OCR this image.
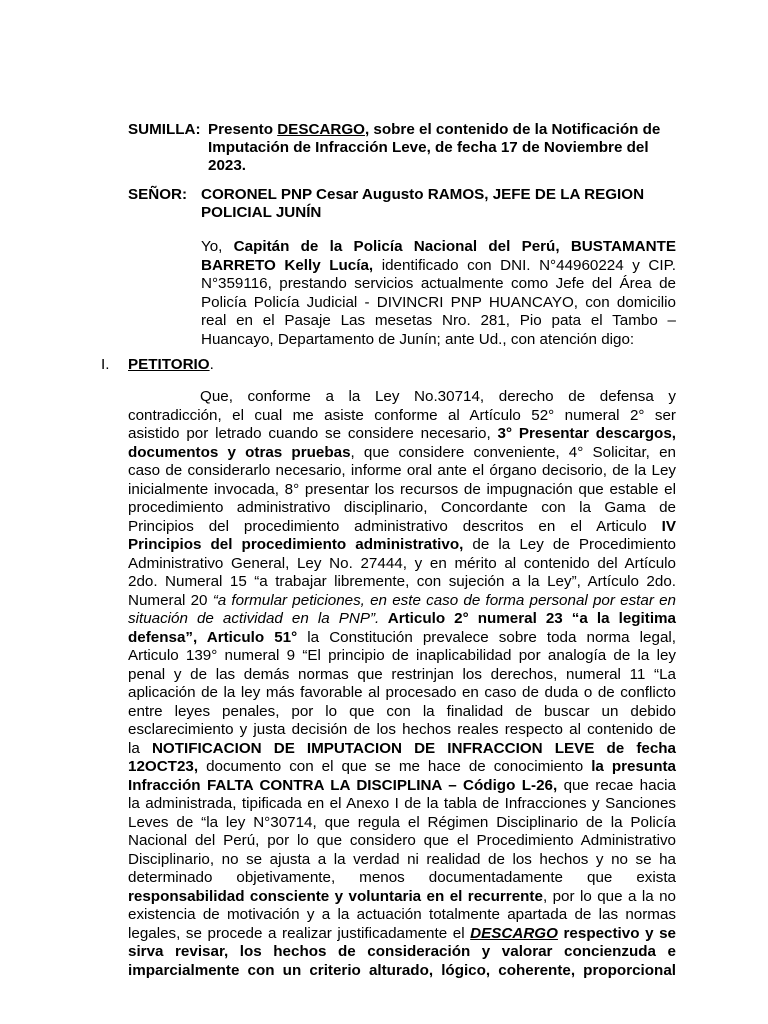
SUMILLA: Presento DESCARGO, sobre el contenido de la Notificación de
Imputación de Infracción Leve, de fecha 17 de Noviembre del
2023.
SEÑOR: CORONEL PNP Cesar Augusto RAMOS, JEFE DE LA REGION
POLICIAL JUNÍN
Yo, Capitán de la Policía Nacional del Perú, BUSTAMANTE
BARRETO Kelly Lucía, identificado con DNI. N°44960224 y CIP.
N°359116, prestando servicios actualmente como Jefe del Área de
Policía Policía Judicial - DIVINCRI PNP HUANCAYO, con domicilio
real en el Pasaje Las mesetas Nro. 281, Pio pata el Tambo –
Huancayo, Departamento de Junín; ante Ud., con atención digo:
I. PETITORIO.
Que, conforme a la Ley No.30714, derecho de defensa y
contradicción, el cual me asiste conforme al Artículo 52° numeral 2° ser
asistido por letrado cuando se considere necesario, 3° Presentar descargos,
documentos y otras pruebas, que considere conveniente, 4° Solicitar, en
caso de considerarlo necesario, informe oral ante el órgano decisorio, de la Ley
inicialmente invocada, 8° presentar los recursos de impugnación que estable el
procedimiento administrativo disciplinario, Concordante con la Gama de
Principios del procedimiento administrativo descritos en el Articulo IV
Principios del procedimiento administrativo, de la Ley de Procedimiento
Administrativo General, Ley No. 27444, y en mérito al contenido del Artículo
2do. Numeral 15 “a trabajar libremente, con sujeción a la Ley”, Artículo 2do.
Numeral 20 “a formular peticiones, en este caso de forma personal por estar en
situación de actividad en la PNP”. Articulo 2° numeral 23 “a la legitima
defensa”, Articulo 51° la Constitución prevalece sobre toda norma legal,
Articulo 139° numeral 9 “El principio de inaplicabilidad por analogía de la ley
penal y de las demás normas que restrinjan los derechos, numeral 11 “La
aplicación de la ley más favorable al procesado en caso de duda o de conflicto
entre leyes penales, por lo que con la finalidad de buscar un debido
esclarecimiento y justa decisión de los hechos reales respecto al contenido de
la NOTIFICACION DE IMPUTACION DE INFRACCION LEVE de fecha
12OCT23, documento con el que se me hace de conocimiento la presunta
Infracción FALTA CONTRA LA DISCIPLINA – Código L-26, que recae hacia
la administrada, tipificada en el Anexo I de la tabla de Infracciones y Sanciones
Leves de “la ley N°30714, que regula el Régimen Disciplinario de la Policía
Nacional del Perú, por lo que considero que el Procedimiento Administrativo
Disciplinario, no se ajusta a la verdad ni realidad de los hechos y no se ha
determinado objetivamente, menos documentadamente que exista
responsabilidad consciente y voluntaria en el recurrente, por lo que a la no
existencia de motivación y a la actuación totalmente apartada de las normas
legales, se procede a realizar justificadamente el DESCARGO respectivo y se
sirva revisar, los hechos de consideración y valorar concienzuda e
imparcialmente con un criterio alturado, lógico, coherente, proporcional
